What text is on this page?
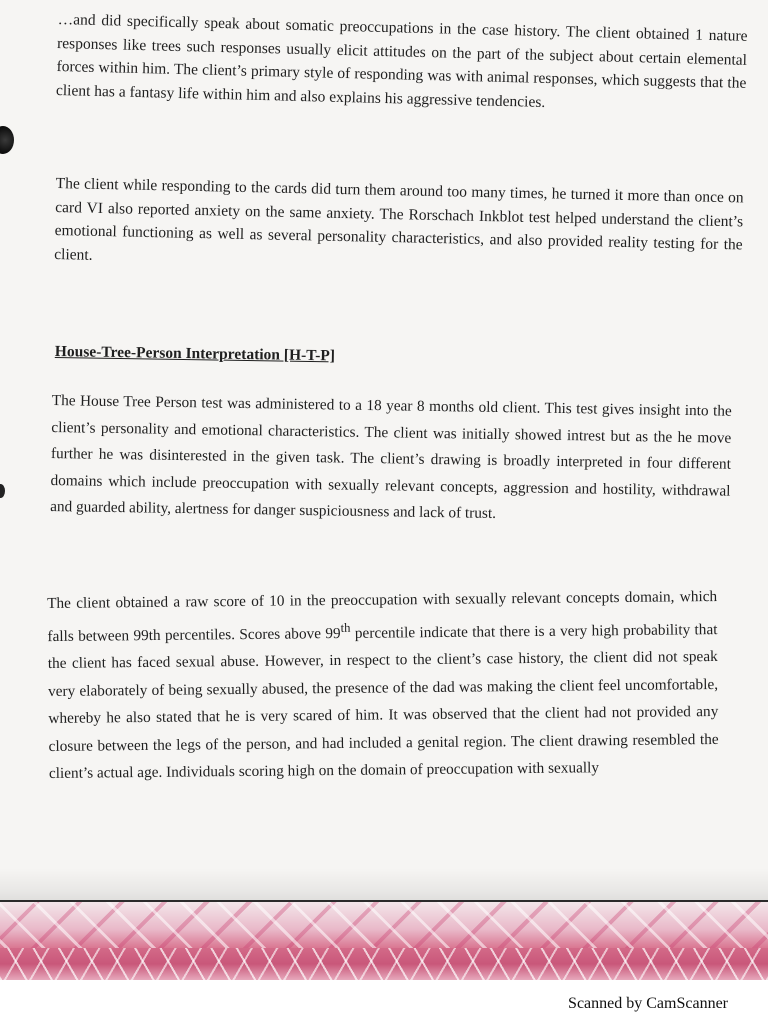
…and did specifically speak about somatic preoccupations in the case history. The client obtained 1 nature responses like trees such responses usually elicit attitudes on the part of the subject about certain elemental forces within him. The client’s primary style of responding was with animal responses, which suggests that the client has a fantasy life within him and also explains his aggressive tendencies.

The client while responding to the cards did turn them around too many times, he turned it more than once on card VI also reported anxiety on the same anxiety. The Rorschach Inkblot test helped understand the client’s emotional functioning as well as several personality characteristics, and also provided reality testing for the client.

House-Tree-Person Interpretation [H-T-P]

The House Tree Person test was administered to a 18 year 8 months old client. This test gives insight into the client’s personality and emotional characteristics. The client was initially showed intrest but as the he move further he was disinterested in the given task. The client’s drawing is broadly interpreted in four different domains which include preoccupation with sexually relevant concepts, aggression and hostility, withdrawal and guarded ability, alertness for danger suspiciousness and lack of trust.

The client obtained a raw score of 10 in the preoccupation with sexually relevant concepts domain, which falls between 99th percentiles. Scores above 99th percentile indicate that there is a very high probability that the client has faced sexual abuse. However, in respect to the client’s case history, the client did not speak very elaborately of being sexually abused, the presence of the dad was making the client feel uncomfortable, whereby he also stated that he is very scared of him. It was observed that the client had not provided any closure between the legs of the person, and had included a genital region. The client drawing resembled the client’s actual age. Individuals scoring high on the domain of preoccupation with sexually

Scanned by CamScanner
